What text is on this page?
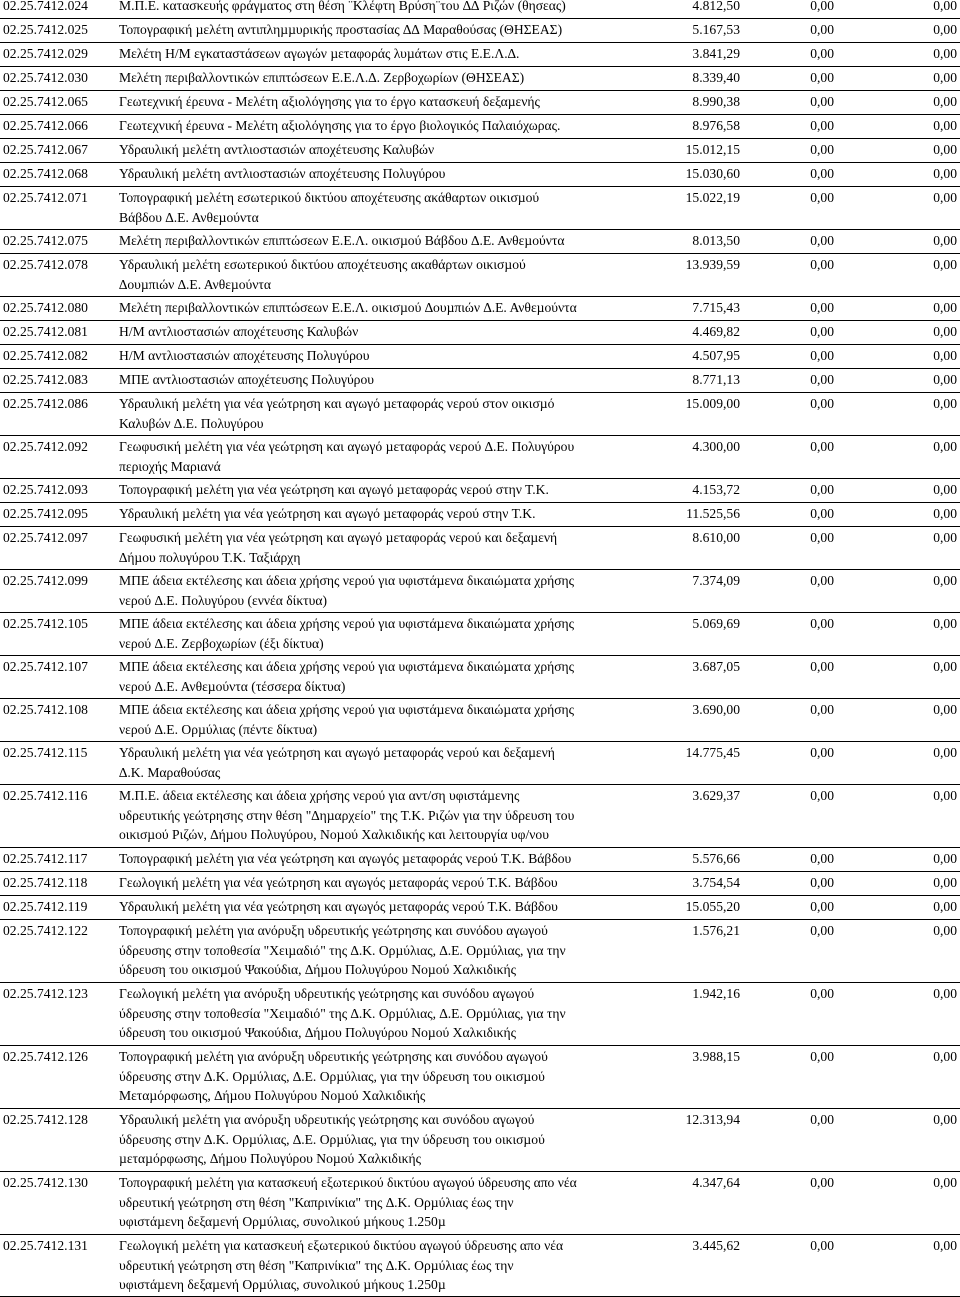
02.25.7412.024	Μ.Π.Ε. κατασκευής φράγματος στη θέση ¨Κλέφτη Βρύση¨του ∆∆ Ριζών (θησεας)	4.812,50	0,00	0,00
02.25.7412.025	Τοπογραφική µελέτη αντιπληµµυρικής προστασίας ∆∆ Μαραθούσας (ΘΗΣΕΑΣ)	5.167,53	0,00	0,00
02.25.7412.029	Μελέτη Η/Μ εγκαταστάσεων αγωγών µεταφοράς λυµάτων στις Ε.Ε.Λ.∆.	3.841,29	0,00	0,00
02.25.7412.030	Μελέτη περιβαλλοντικών επιπτώσεων Ε.Ε.Λ.∆. Ζερβοχωρίων (ΘΗΣΕΑΣ)	8.339,40	0,00	0,00
02.25.7412.065	Γεωτεχνική έρευνα - Μελέτη αξιολόγησης για το έργο κατασκευή δεξαµενής	8.990,38	0,00	0,00
02.25.7412.066	Γεωτεχνική έρευνα - Μελέτη αξιολόγησης για το έργο βιολογικός Παλαιόχωρας.	8.976,58	0,00	0,00
02.25.7412.067	Υδραυλική µελέτη αντλιοστασιών αποχέτευσης Καλυβών	15.012,15	0,00	0,00
02.25.7412.068	Υδραυλική µελέτη αντλιοστασιών αποχέτευσης Πολυγύρου	15.030,60	0,00	0,00
02.25.7412.071	Τοπογραφική µελέτη εσωτερικού δικτύου αποχέτευσης ακάθαρτων οικισµού
Βάβδου ∆.Ε. Ανθεµούντα
15.022,19	0,00	0,00
02.25.7412.075	Μελέτη περιβαλλοντικών επιπτώσεων Ε.Ε.Λ. οικισµού Βάβδου ∆.Ε. Ανθεµούντα	8.013,50	0,00	0,00
02.25.7412.078	Υδραυλική µελέτη εσωτερικού δικτύου αποχέτευσης ακαθάρτων οικισµού
∆ουµπιών ∆.Ε. Ανθεµούντα
13.939,59	0,00	0,00
02.25.7412.080	Μελέτη περιβαλλοντικών επιπτώσεων Ε.Ε.Λ. οικισµού ∆ουµπιών ∆.Ε. Ανθεµούντα	7.715,43	0,00	0,00
02.25.7412.081	Η/Μ αντλιοστασιών αποχέτευσης Καλυβών	4.469,82	0,00	0,00
02.25.7412.082	Η/Μ αντλιοστασιών αποχέτευσης Πολυγύρου	4.507,95	0,00	0,00
02.25.7412.083	ΜΠΕ αντλιοστασιών αποχέτευσης Πολυγύρου	8.771,13	0,00	0,00
02.25.7412.086	Υδραυλική µελέτη για νέα γεώτρηση και αγωγό µεταφοράς νερού στον οικισµό
Καλυβών ∆.Ε. Πολυγύρου
15.009,00	0,00	0,00
02.25.7412.092	Γεωφυσική µελέτη για νέα γεώτρηση και αγωγό µεταφοράς νερού ∆.Ε. Πολυγύρου
περιοχής Μαριανά
4.300,00	0,00	0,00
02.25.7412.093	Τοπογραφική µελέτη για νέα γεώτρηση και αγωγό µεταφοράς νερού στην Τ.Κ.	4.153,72	0,00	0,00
02.25.7412.095	Υδραυλική µελέτη για νέα γεώτρηση και αγωγό µεταφοράς νερού στην Τ.Κ.	11.525,56	0,00	0,00
02.25.7412.097	Γεωφυσική µελέτη για νέα γεώτρηση και αγωγό µεταφοράς νερού και δεξαµενή
∆ήµου πολυγύρου Τ.Κ. Ταξιάρχη
8.610,00	0,00	0,00
02.25.7412.099	ΜΠΕ άδεια εκτέλεσης και άδεια χρήσης νερού για υφιστάµενα δικαιώµατα χρήσης
νερού ∆.Ε. Πολυγύρου (εννέα δίκτυα)
7.374,09	0,00	0,00
02.25.7412.105	ΜΠΕ άδεια εκτέλεσης και άδεια χρήσης νερού για υφιστάµενα δικαιώµατα χρήσης
νερού ∆.Ε. Ζερβοχωρίων (έξι δίκτυα)
5.069,69	0,00	0,00
02.25.7412.107	ΜΠΕ άδεια εκτέλεσης και άδεια χρήσης νερού για υφιστάµενα δικαιώµατα χρήσης
νερού ∆.Ε. Ανθεµούντα (τέσσερα δίκτυα)
3.687,05	0,00	0,00
02.25.7412.108	ΜΠΕ άδεια εκτέλεσης και άδεια χρήσης νερού για υφιστάµενα δικαιώµατα χρήσης
νερού ∆.Ε. Ορµύλιας (πέντε δίκτυα)
3.690,00	0,00	0,00
02.25.7412.115	Υδραυλική µελέτη για νέα γεώτρηση και αγωγό µεταφοράς νερού και δεξαµενή
∆.Κ. Μαραθούσας
14.775,45	0,00	0,00
02.25.7412.116	Μ.Π.Ε. άδεια εκτέλεσης και άδεια χρήσης νερού για αντ/ση υφιστάµενης
υδρευτικής γεώτρησης στην θέση "∆ηµαρχείο" της Τ.Κ. Ριζών για την ύδρευση του
οικισµού Ριζών, ∆ήµου Πολυγύρου, Νοµού Χαλκιδικής και λειτουργία υφ/νου
3.629,37	0,00	0,00
02.25.7412.117	Τοπογραφική µελέτη για νέα γεώτρηση και αγωγός µεταφοράς νερού Τ.Κ. Βάβδου	5.576,66	0,00	0,00
02.25.7412.118	Γεωλογική µελέτη για νέα γεώτρηση και αγωγός µεταφοράς νερού Τ.Κ. Βάβδου	3.754,54	0,00	0,00
02.25.7412.119	Υδραυλική µελέτη για νέα γεώτρηση και αγωγός µεταφοράς νερού Τ.Κ. Βάβδου	15.055,20	0,00	0,00
02.25.7412.122	Τοπογραφική µελέτη για ανόρυξη υδρευτικής γεώτρησης και συνόδου αγωγού
ύδρευσης στην τοποθεσία "Χειµαδιό" της ∆.Κ. Ορµύλιας, ∆.Ε. Ορµύλιας, για την
ύδρευση του οικισµού Ψακούδια, ∆ήµου Πολυγύρου Νοµού Χαλκιδικής
1.576,21	0,00	0,00
02.25.7412.123	Γεωλογική µελέτη για ανόρυξη υδρευτικής γεώτρησης και συνόδου αγωγού
ύδρευσης στην τοποθεσία "Χειµαδιό" της ∆.Κ. Ορµύλιας, ∆.Ε. Ορµύλιας, για την
ύδρευση του οικισµού Ψακούδια, ∆ήµου Πολυγύρου Νοµού Χαλκιδικής
1.942,16	0,00	0,00
02.25.7412.126	Τοπογραφική µελέτη για ανόρυξη υδρευτικής γεώτρησης και συνόδου αγωγού
ύδρευσης στην ∆.Κ. Ορµύλιας, ∆.Ε. Ορµύλιας, για την ύδρευση του οικισµού
Μεταµόρφωσης, ∆ήµου Πολυγύρου Νοµού Χαλκιδικής
3.988,15	0,00	0,00
02.25.7412.128	Υδραυλική µελέτη για ανόρυξη υδρευτικής γεώτρησης και συνόδου αγωγού
ύδρευσης στην ∆.Κ. Ορµύλιας, ∆.Ε. Ορµύλιας, για την ύδρευση του οικισµού
µεταµόρφωσης, ∆ήµου Πολυγύρου Νοµού Χαλκιδικής
12.313,94	0,00	0,00
02.25.7412.130	Τοπογραφική µελέτη για κατασκευή εξωτερικού δικτύου αγωγού ύδρευσης απο νέα
υδρευτική γεώτρηση στη θέση "Καπρινίκια" της ∆.Κ. Ορµύλιας έως την
υφιστάµενη δεξαµενή Ορµύλιας, συνολικού µήκους 1.250µ
4.347,64	0,00	0,00
02.25.7412.131	Γεωλογική µελέτη για κατασκευή εξωτερικού δικτύου αγωγού ύδρευσης απο νέα
υδρευτική γεώτρηση στη θέση "Καπρινίκια" της ∆.Κ. Ορµύλιας έως την
υφιστάµενη δεξαµενή Ορµύλιας, συνολικού µήκους 1.250µ
3.445,62	0,00	0,00
